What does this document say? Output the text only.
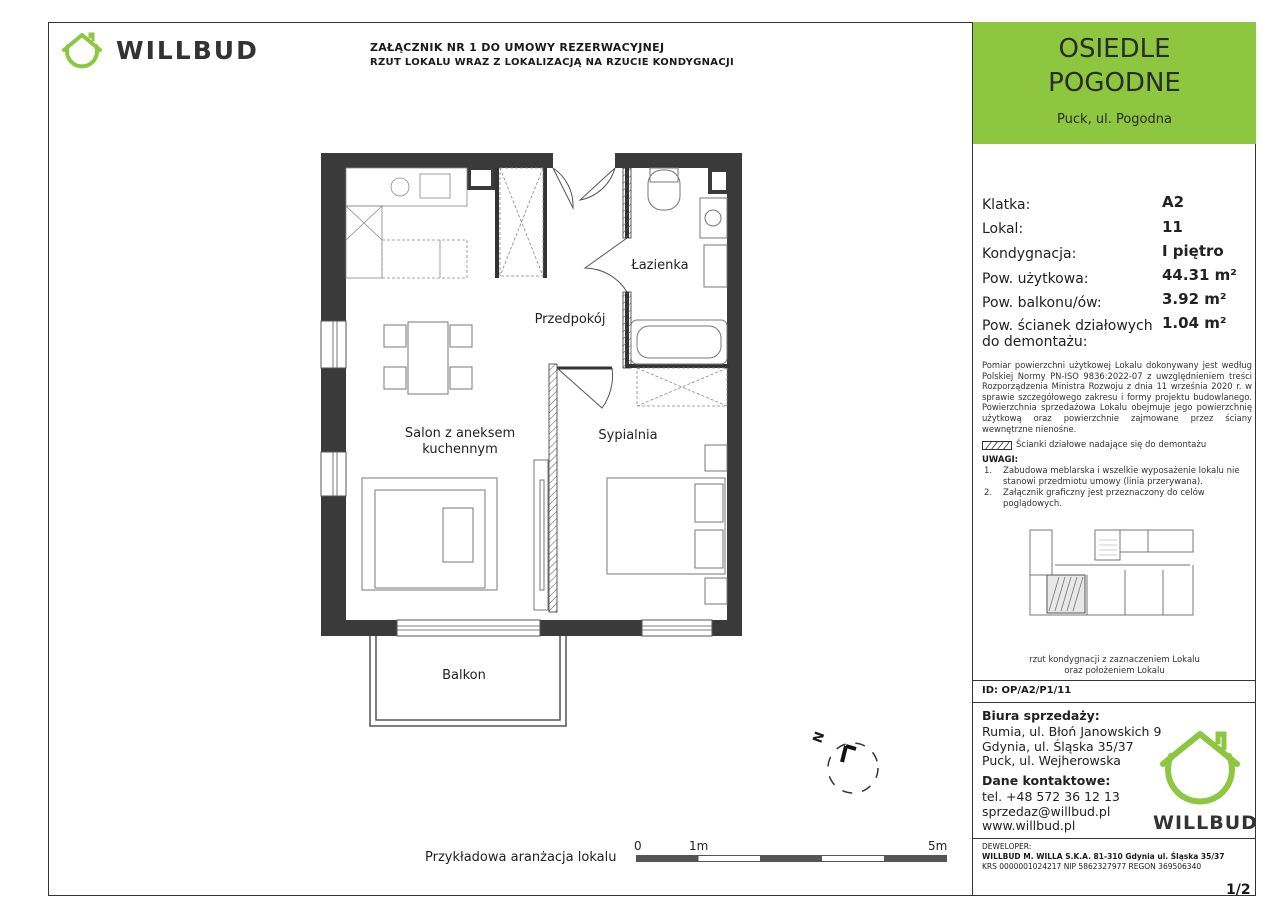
WILLBUD	ZAŁĄCZNIK NR 1 DO UMOWY REZERWACYJNEJ
RZUT LOKALU WRAZ Z LOKALIZACJĄ NA RZUCIE KONDYGNACJI	OSIEDLE
POGODNE
Puck, ul. Pogodna
Klatka:	A2
Lokal:	11
Kondygnacja:	I piętro
Pow. użytkowa:	44.31 m²
Pow. balkonu/ów:	3.92 m²
Pow. ścianek działowych
do demontażu:
1.04 m²
Pomiar powierzchni użytkowej Lokalu dokonywany jest według Polskiej Normy PN-ISO 9836:2022-07 z uwzględnieniem treści Rozporządzenia Ministra Rozwoju z dnia 11 września 2020 r. w sprawie szczegółowego zakresu i formy projektu budowlanego. Powierzchnia sprzedażowa Lokalu obejmuje jego powierzchnię użytkową oraz powierzchnie zajmowane przez ściany wewnętrzne nienośne.
Ścianki działowe nadające się do demontażu
UWAGI:
1. Zabudowa meblarska i wszelkie wyposażenie lokalu nie stanowi przedmiotu umowy (linia przerywana).
2. Załącznik graficzny jest przeznaczony do celów poglądowych.
rzut kondygnacji z zaznaczeniem Lokalu
oraz położeniem Lokalu
ID: OP/A2/P1/11
Biura sprzedaży:
Rumia, ul. Błoń Janowskich 9
Gdynia, ul. Śląska 35/37
Puck, ul. Wejherowska
Dane kontaktowe:
tel. +48 572 36 12 13
sprzedaz@willbud.pl
www.willbud.pl	WILLBUD
DEWELOPER:
WILLBUD M. WILLA S.K.A. 81-310 Gdynia ul. Śląska 35/37
KRS 0000001024217 NIP 5862327977 REGON 369506340
1/2
Łazienka
Przedpokój
Salon z aneksem
kuchennym
Sypialnia
Balkon
N
Przykładowa aranżacja lokalu
0	1m	5m
